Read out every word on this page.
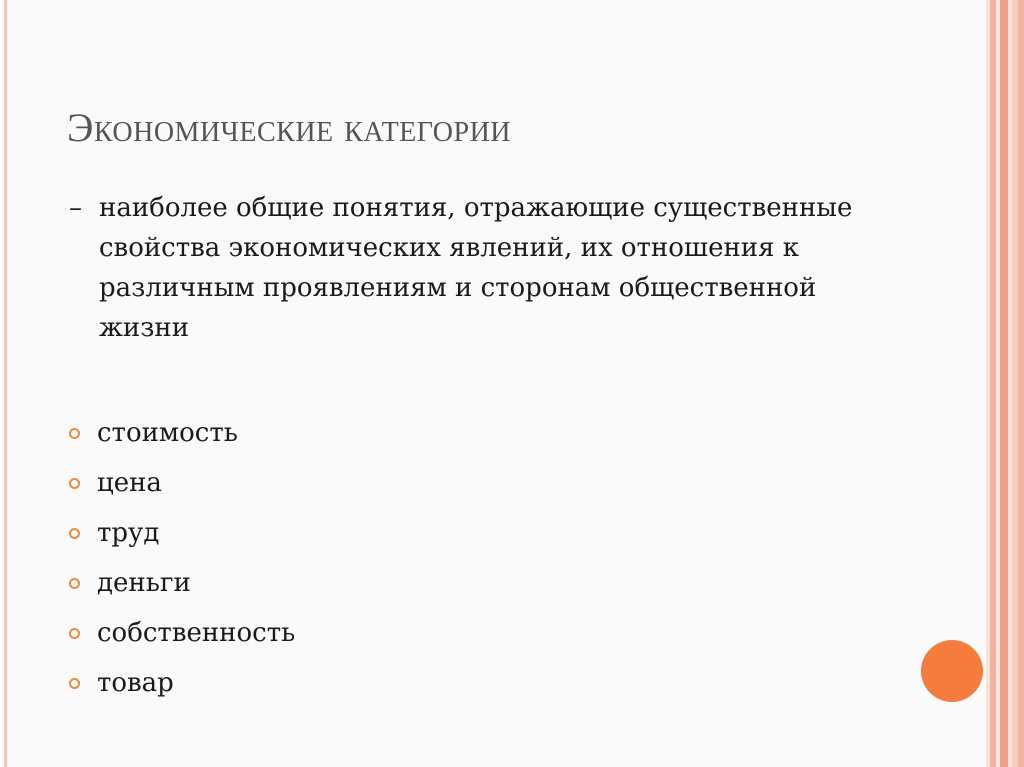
Экономические категории
– наиболее общие понятия, отражающие существенные свойства экономических явлений, их отношения к различным проявлениям и сторонам общественной жизни
стоимость
цена
труд
деньги
собственность
товар
